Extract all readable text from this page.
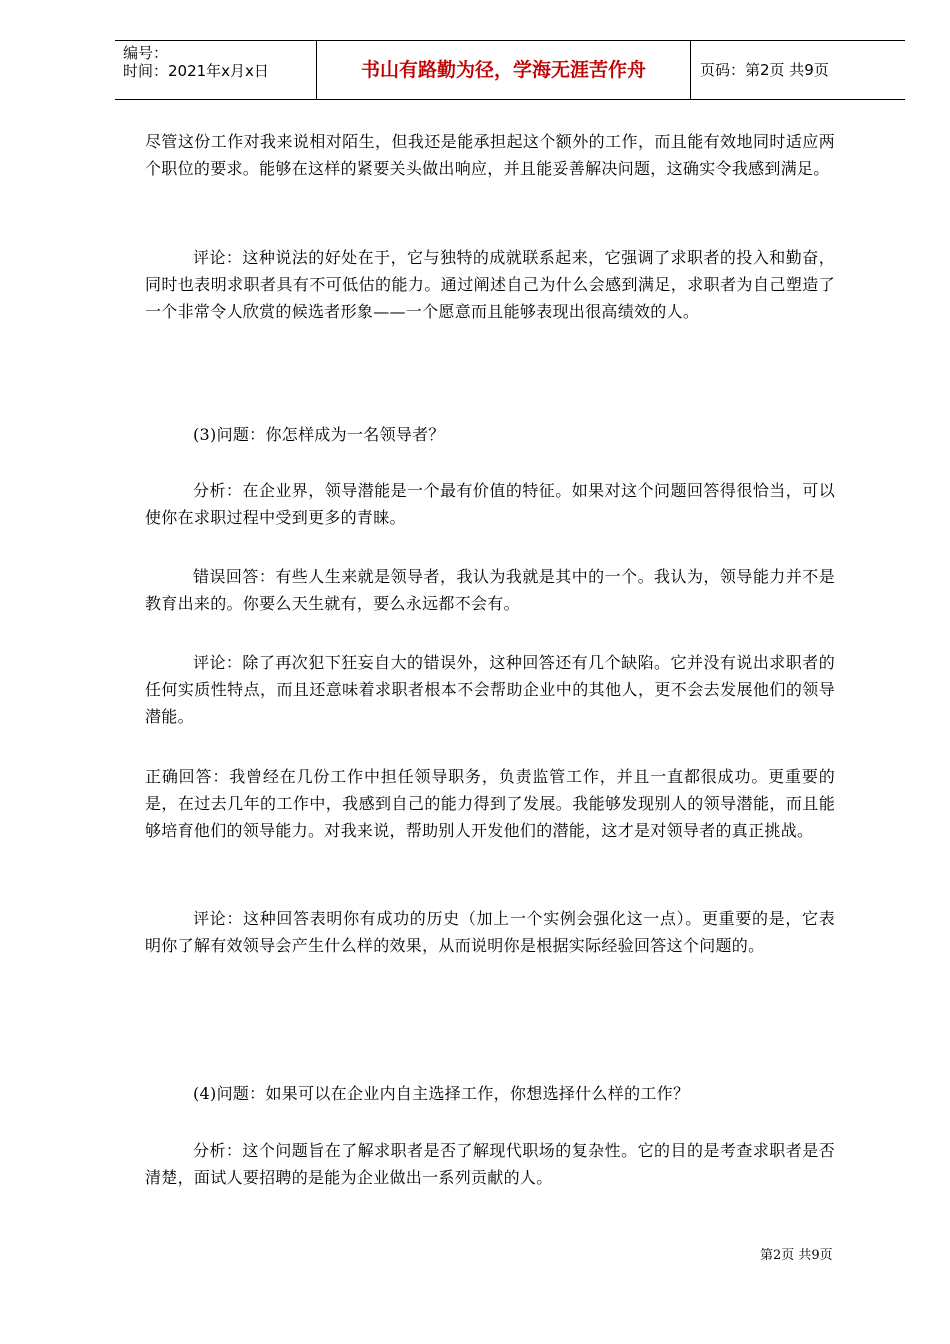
编号：
时间：2021年x月x日	书山有路勤为径，学海无涯苦作舟	页码：第2页 共9页

尽管这份工作对我来说相对陌生，但我还是能承担起这个额外的工作，而且能有效地同时适应两个职位的要求。能够在这样的紧要关头做出响应，并且能妥善解决问题，这确实令我感到满足。

评论：这种说法的好处在于，它与独特的成就联系起来，它强调了求职者的投入和勤奋，同时也表明求职者具有不可低估的能力。通过阐述自己为什么会感到满足，求职者为自己塑造了一个非常令人欣赏的候选者形象——一个愿意而且能够表现出很高绩效的人。

(3)问题：你怎样成为一名领导者？

分析：在企业界，领导潜能是一个最有价值的特征。如果对这个问题回答得很恰当，可以使你在求职过程中受到更多的青睐。

错误回答：有些人生来就是领导者，我认为我就是其中的一个。我认为，领导能力并不是教育出来的。你要么天生就有，要么永远都不会有。

评论：除了再次犯下狂妄自大的错误外，这种回答还有几个缺陷。它并没有说出求职者的任何实质性特点，而且还意味着求职者根本不会帮助企业中的其他人，更不会去发展他们的领导潜能。

正确回答：我曾经在几份工作中担任领导职务，负责监管工作，并且一直都很成功。更重要的是，在过去几年的工作中，我感到自己的能力得到了发展。我能够发现别人的领导潜能，而且能够培育他们的领导能力。对我来说，帮助别人开发他们的潜能，这才是对领导者的真正挑战。

评论：这种回答表明你有成功的历史（加上一个实例会强化这一点）。更重要的是，它表明你了解有效领导会产生什么样的效果，从而说明你是根据实际经验回答这个问题的。

(4)问题：如果可以在企业内自主选择工作，你想选择什么样的工作？

分析：这个问题旨在了解求职者是否了解现代职场的复杂性。它的目的是考查求职者是否清楚，面试人要招聘的是能为企业做出一系列贡献的人。

第2页 共9页
